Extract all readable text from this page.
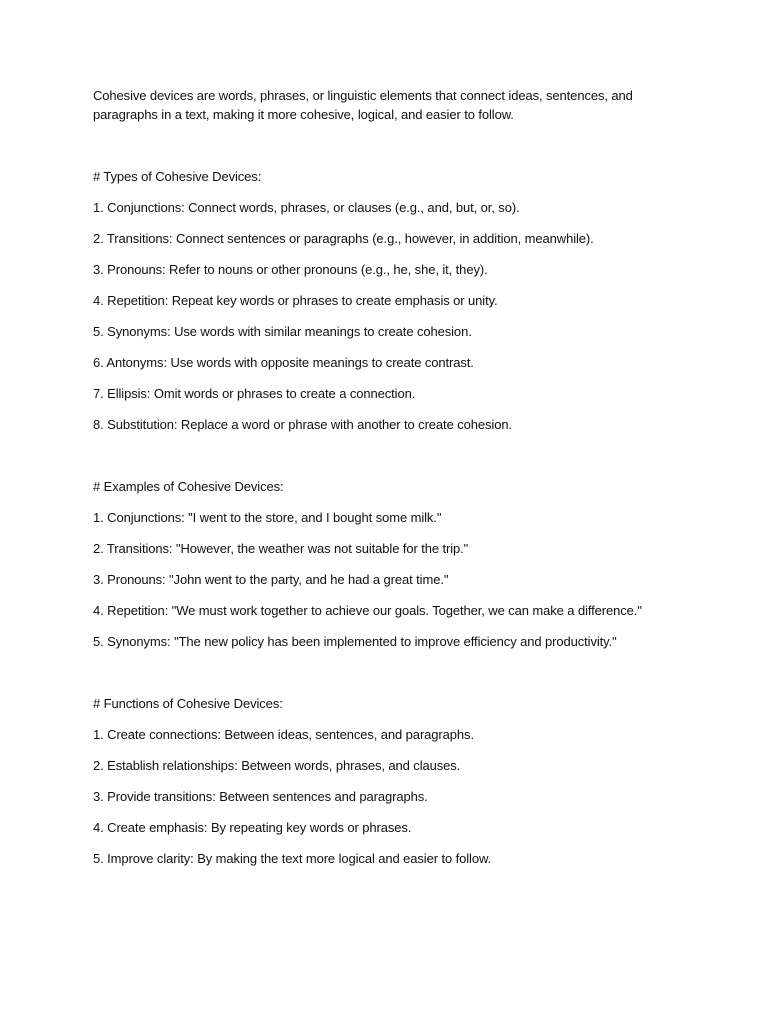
Cohesive devices are words, phrases, or linguistic elements that connect ideas, sentences, and paragraphs in a text, making it more cohesive, logical, and easier to follow.

# Types of Cohesive Devices:

1. Conjunctions: Connect words, phrases, or clauses (e.g., and, but, or, so).

2. Transitions: Connect sentences or paragraphs (e.g., however, in addition, meanwhile).

3. Pronouns: Refer to nouns or other pronouns (e.g., he, she, it, they).

4. Repetition: Repeat key words or phrases to create emphasis or unity.

5. Synonyms: Use words with similar meanings to create cohesion.

6. Antonyms: Use words with opposite meanings to create contrast.

7. Ellipsis: Omit words or phrases to create a connection.

8. Substitution: Replace a word or phrase with another to create cohesion.

# Examples of Cohesive Devices:

1. Conjunctions: "I went to the store, and I bought some milk."

2. Transitions: "However, the weather was not suitable for the trip."

3. Pronouns: "John went to the party, and he had a great time."

4. Repetition: "We must work together to achieve our goals. Together, we can make a difference."

5. Synonyms: "The new policy has been implemented to improve efficiency and productivity."

# Functions of Cohesive Devices:

1. Create connections: Between ideas, sentences, and paragraphs.

2. Establish relationships: Between words, phrases, and clauses.

3. Provide transitions: Between sentences and paragraphs.

4. Create emphasis: By repeating key words or phrases.

5. Improve clarity: By making the text more logical and easier to follow.
